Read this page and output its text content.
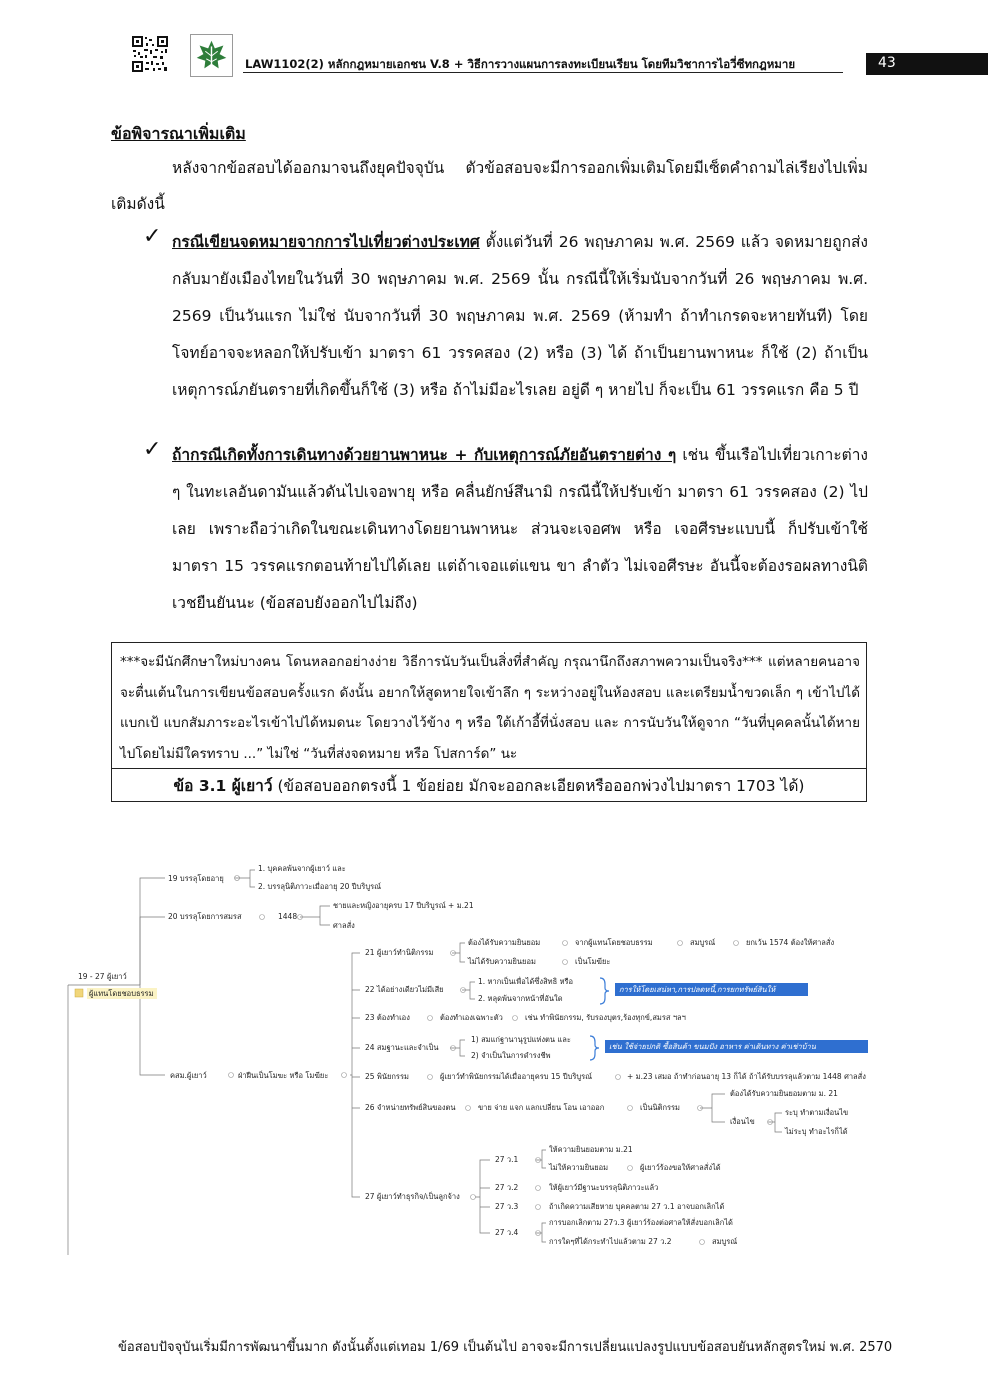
LAW1102(2) หลักกฎหมายเอกชน V.8 + วิธีการวางแผนการลงทะเบียนเรียน โดยทีมวิชาการไอวี่ซีทกฎหมาย	43
ข้อพิจารณาเพิ่มเติม
หลังจากข้อสอบได้ออกมาจนถึงยุคปัจจุบัน ตัวข้อสอบจะมีการออกเพิ่มเติมโดยมีเซ็ตคำถามไล่เรียงไปเพิ่มเติมดังนี้
✓ กรณีเขียนจดหมายจากการไปเที่ยวต่างประเทศ ตั้งแต่วันที่ 26 พฤษภาคม พ.ศ. 2569 แล้ว จดหมายถูกส่งกลับมายังเมืองไทยในวันที่ 30 พฤษภาคม พ.ศ. 2569 นั้น กรณีนี้ให้เริ่มนับจากวันที่ 26 พฤษภาคม พ.ศ. 2569 เป็นวันแรก ไม่ใช่ นับจากวันที่ 30 พฤษภาคม พ.ศ. 2569 (ห้ามทำ ถ้าทำเกรดจะหายทันที) โดยโจทย์อาจจะหลอกให้ปรับเข้า มาตรา 61 วรรคสอง (2) หรือ (3) ได้ ถ้าเป็นยานพาหนะ ก็ใช้ (2) ถ้าเป็นเหตุการณ์ภยันตรายที่เกิดขึ้นก็ใช้ (3) หรือ ถ้าไม่มีอะไรเลย อยู่ดี ๆ หายไป ก็จะเป็น 61 วรรคแรก คือ 5 ปี
✓ ถ้ากรณีเกิดทั้งการเดินทางด้วยยานพาหนะ + กับเหตุการณ์ภัยอันตรายต่าง ๆ เช่น ขึ้นเรือไปเที่ยวเกาะต่าง ๆ ในทะเลอันดามันแล้วดันไปเจอพายุ หรือ คลื่นยักษ์สึนามิ กรณีนี้ให้ปรับเข้า มาตรา 61 วรรคสอง (2) ไปเลย เพราะถือว่าเกิดในขณะเดินทางโดยยานพาหนะ ส่วนจะเจอศพ หรือ เจอศีรษะแบบนี้ ก็ปรับเข้าใช้ มาตรา 15 วรรคแรกตอนท้ายไปได้เลย แต่ถ้าเจอแต่แขน ขา ลำตัว ไม่เจอศีรษะ อันนี้จะต้องรอผลทางนิติเวชยืนยันนะ (ข้อสอบยังออกไปไม่ถึง)
***จะมีนักศึกษาใหม่บางคน โดนหลอกอย่างง่าย วิธีการนับวันเป็นสิ่งที่สำคัญ กรุณานึกถึงสภาพความเป็นจริง*** แต่หลายคนอาจจะตื่นเต้นในการเขียนข้อสอบครั้งแรก ดังนั้น อยากให้สูดหายใจเข้าลึก ๆ ระหว่างอยู่ในห้องสอบ และเตรียมน้ำขวดเล็ก ๆ เข้าไปได้ แบกเป้ แบกสัมภาระอะไรเข้าไปได้หมดนะ โดยวางไว้ข้าง ๆ หรือ ใต้เก้าอี้ที่นั่งสอบ และ การนับวันให้ดูจาก “วันที่บุคคลนั้นได้หายไปโดยไม่มีใครทราบ ...” ไม่ใช่ “วันที่ส่งจดหมาย หรือ โปสการ์ด” นะ
ข้อ 3.1 ผู้เยาว์ (ข้อสอบออกตรงนี้ 1 ข้อย่อย มักจะออกละเอียดหรือออกพ่วงไปมาตรา 1703 ได้)
19 - 27 ผู้เยาว์
ผู้แทนโดยชอบธรรม
19 บรรลุโดยอายุ
1. บุคคลพ้นจากผู้เยาว์ และ
2. บรรลุนิติภาวะเมื่ออายุ 20 ปีบริบูรณ์
20 บรรลุโดยการสมรส	1448
ชายและหญิงอายุครบ 17 ปีบริบูรณ์ + ม.21
ศาลสั่ง
คสม.ผู้เยาว์	ฝ่าฝืนเป็นโมฆะ หรือ โมฆียะ
21 ผู้เยาว์ทำนิติกรรม
ต้องได้รับความยินยอม	จากผู้แทนโดยชอบธรรม	สมบูรณ์	ยกเว้น 1574 ต้องให้ศาลสั่ง
ไม่ได้รับความยินยอม	เป็นโมฆียะ
22 ได้อย่างเดียวไม่มีเสีย
1. หากเป็นเพื่อได้ซึ่งสิทธิ หรือ
2. หลุดพ้นจากหน้าที่อันใด
การให้โดยเสน่หา,การปลดหนี้,การยกทรัพย์สินให้
23 ต้องทำเอง	ต้องทำเองเฉพาะตัว	เช่น ทำพินัยกรรม, รับรองบุตร,ร้องทุกข์,สมรส ฯลฯ
24 สมฐานะและจำเป็น
1) สมแก่ฐานานุรูปแห่งตน และ
2) จำเป็นในการดำรงชีพ
เช่น ใช้จ่ายปกติ ซื้อสินค้า ขนมปัง อาหาร ค่าเดินทาง ค่าเช่าบ้าน
25 พินัยกรรม	ผู้เยาว์ทำพินัยกรรมได้เมื่ออายุครบ 15 ปีบริบูรณ์	+ ม.23 เสมอ ถ้าทำก่อนอายุ 13 ก็ได้ ถ้าได้รับบรรลุแล้วตาม 1448 ศาลสั่ง
26 จำหน่ายทรัพย์สินของตน	ขาย จ่าย แจก แลกเปลี่ยน โอน เอาออก	เป็นนิติกรรม
ต้องได้รับความยินยอมตาม ม. 21
เงื่อนไข
ระบุ ทำตามเงื่อนไข
ไม่ระบุ ทำอะไรก็ได้
27 ผู้เยาว์ทำธุรกิจ/เป็นลูกจ้าง
27 ว.1
ให้ความยินยอมตาม ม.21
ไม่ให้ความยินยอม	ผู้เยาว์ร้องขอให้ศาลสั่งได้
27 ว.2	ให้ผู้เยาว์มีฐานะบรรลุนิติภาวะแล้ว
27 ว.3	ถ้าเกิดความเสียหาย บุคคลตาม 27 ว.1 อาจบอกเลิกได้
27 ว.4
การบอกเลิกตาม 27ว.3 ผู้เยาว์ร้องต่อศาลให้สั่งบอกเลิกได้
การใดๆที่ได้กระทำไปแล้วตาม 27 ว.2	สมบูรณ์
ข้อสอบปัจจุบันเริ่มมีการพัฒนาขึ้นมาก ดังนั้นตั้งแต่เทอม 1/69 เป็นต้นไป อาจจะมีการเปลี่ยนแปลงรูปแบบข้อสอบยันหลักสูตรใหม่ พ.ศ. 2570
